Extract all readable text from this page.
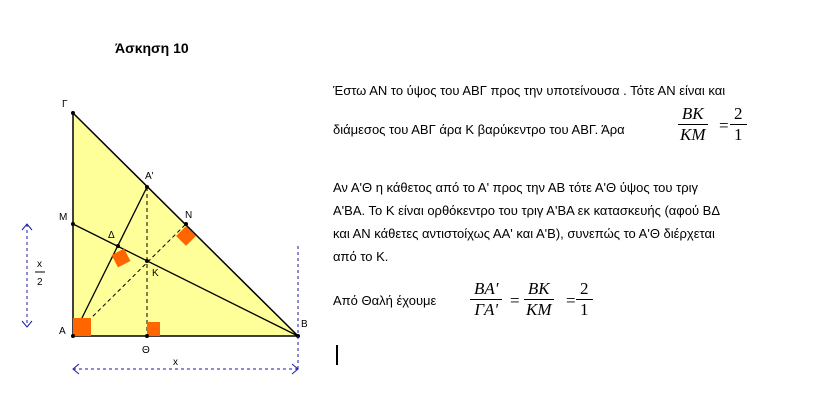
Άσκηση 10
Γ
Μ
Α
Β
Α'
Ν
Δ
Κ
Θ
x
x
2
Έστω ΑΝ το ύψος του ΑΒΓ προς την υποτείνουσα . Τότε ΑΝ είναι και
διάμεσος του ΑΒΓ άρα Κ βαρύκεντρο του ΑΒΓ. Άρα	$\frac{BK}{KM} = \frac{2}{1}$
Αν Α'Θ η κάθετος από το Α' προς την ΑΒ τότε Α'Θ ύψος του τριγ
Α'ΒΑ. Το Κ είναι ορθόκεντρο του τριγ Α'ΒΑ εκ κατασκευής (αφού ΒΔ
και ΑΝ κάθετες αντιστοίχως ΑΑ' και Α'Β), συνεπώς το Α'Θ διέρχεται
από το Κ.
Από Θαλή έχουμε $\frac{BA'}{\Gamma A'} = \frac{BK}{KM} = \frac{2}{1}$
